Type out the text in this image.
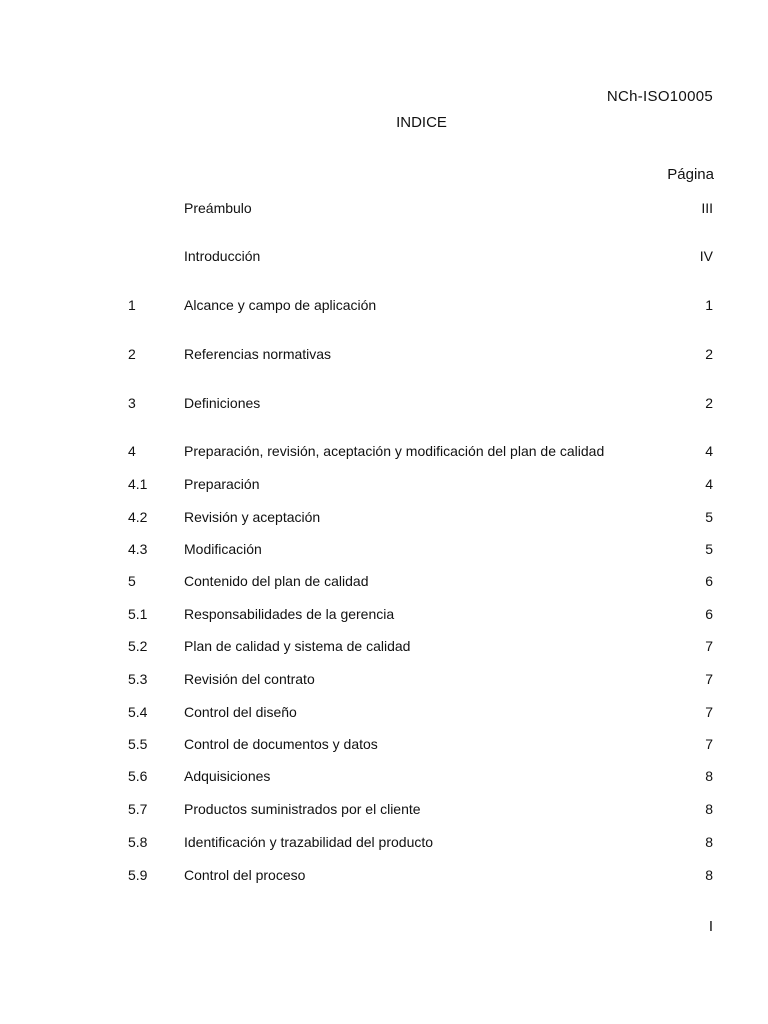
NCh-ISO10005
INDICE
Página
Preámbulo	III
Introducción	IV
1	Alcance y campo de aplicación	1
2	Referencias normativas	2
3	Definiciones	2
4	Preparación, revisión, aceptación y modificación del plan de calidad	4
4.1	Preparación	4
4.2	Revisión y aceptación	5
4.3	Modificación	5
5	Contenido del plan de calidad	6
5.1	Responsabilidades de la gerencia	6
5.2	Plan de calidad y sistema de calidad	7
5.3	Revisión del contrato	7
5.4	Control del diseño	7
5.5	Control de documentos y datos	7
5.6	Adquisiciones	8
5.7	Productos suministrados por el cliente	8
5.8	Identificación y trazabilidad del producto	8
5.9	Control del proceso	8
I
